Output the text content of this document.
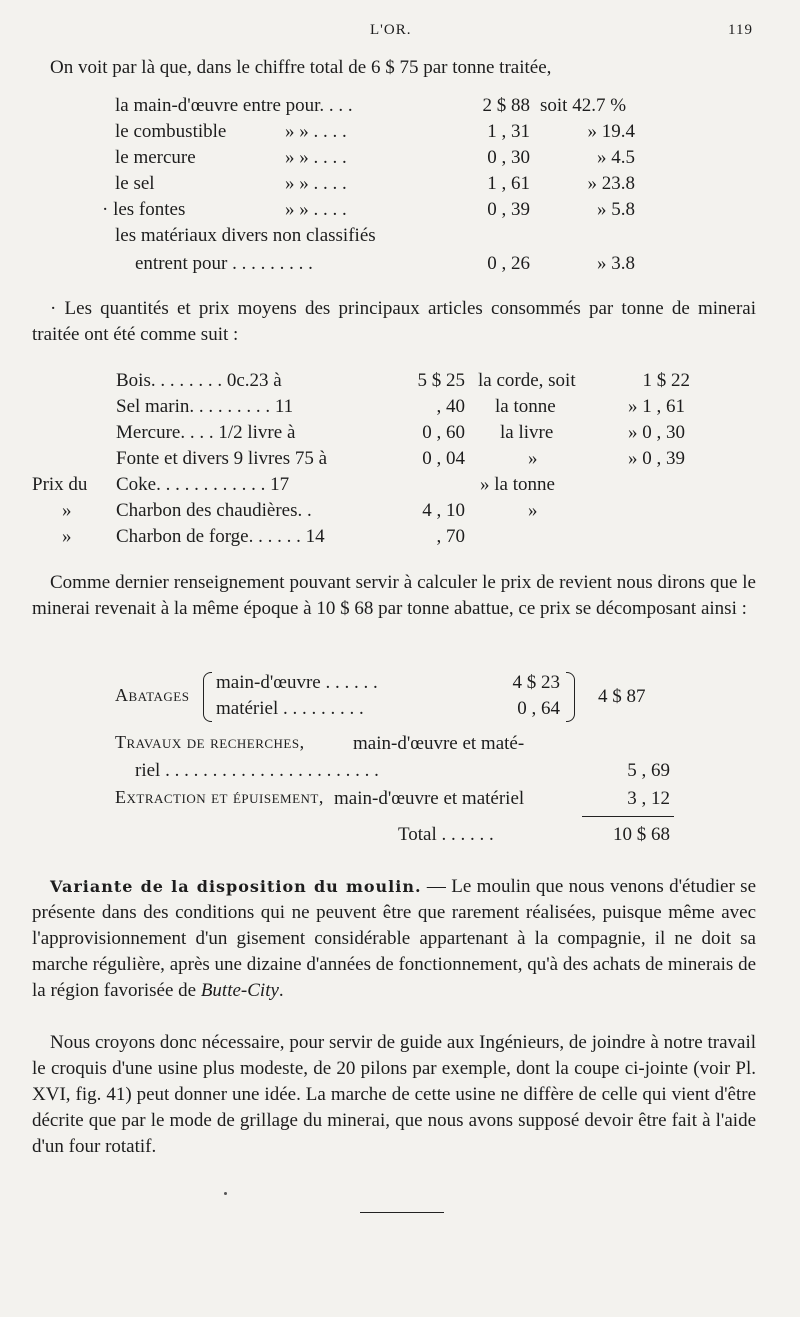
L'OR.	119
On voit par là que, dans le chiffre total de 6 $ 75 par tonne traitée,
la main-d'œuvre entre pour. . . .	2 $ 88 soit 42.7 %
le combustible	» » . . . .	1 , 31	» 19.4
le mercure	» » . . . .	0 , 30	» 4.5
le sel	» » . . . .	1 , 61	» 23.8
· les fontes	» » . . . .	0 , 39	» 5.8
les matériaux divers non classifiés
entrent pour . . . . . . . . .	0 , 26	» 3.8
· Les quantités et prix moyens des principaux articles consommés par tonne de minerai traitée ont été comme suit :
Bois. . . . . . . . 0c.23 à	5 $ 25 la corde, soit	1 $ 22
Sel marin. . . . . . . . . 11	, 40 la tonne	» 1 , 61
Mercure. . . . 1/2 livre à	0 , 60 la livre	» 0 , 30
Fonte et divers 9 livres 75 à	0 , 04	»	» 0 , 39
Prix du Coke. . . . . . . . . . . . 17	» la tonne
» Charbon des chaudières. .	4 , 10	»
» Charbon de forge. . . . . . 14	, 70
Comme dernier renseignement pouvant servir à calculer le prix de revient nous dirons que le minerai revenait à la même époque à 10 $ 68 par tonne abattue, ce prix se décomposant ainsi :
Abatages
main-d'œuvre . . . . . .	4 $ 23
matériel . . . . . . . . .	0 , 64
4 $ 87
Travaux de recherches,	main-d'œuvre et maté-
riel . . . . . . . . . . . . . . . . . . . . . . .	5 , 69
Extraction et épuisement, main-d'œuvre et matériel	3 , 12
Total . . . . . .	10 $ 68
Variante de la disposition du moulin. — Le moulin que nous venons d'étudier se présente dans des conditions qui ne peuvent être que rarement réalisées, puisque même avec l'approvisionnement d'un gisement considérable appartenant à la compagnie, il ne doit sa marche régulière, après une dizaine d'années de fonctionnement, qu'à des achats de minerais de la région favorisée de Butte-City.
Nous croyons donc nécessaire, pour servir de guide aux Ingénieurs, de joindre à notre travail le croquis d'une usine plus modeste, de 20 pilons par exemple, dont la coupe ci-jointe (voir Pl. XVI, fig. 41) peut donner une idée. La marche de cette usine ne diffère de celle qui vient d'être décrite que par le mode de grillage du minerai, que nous avons supposé devoir être fait à l'aide d'un four rotatif.
